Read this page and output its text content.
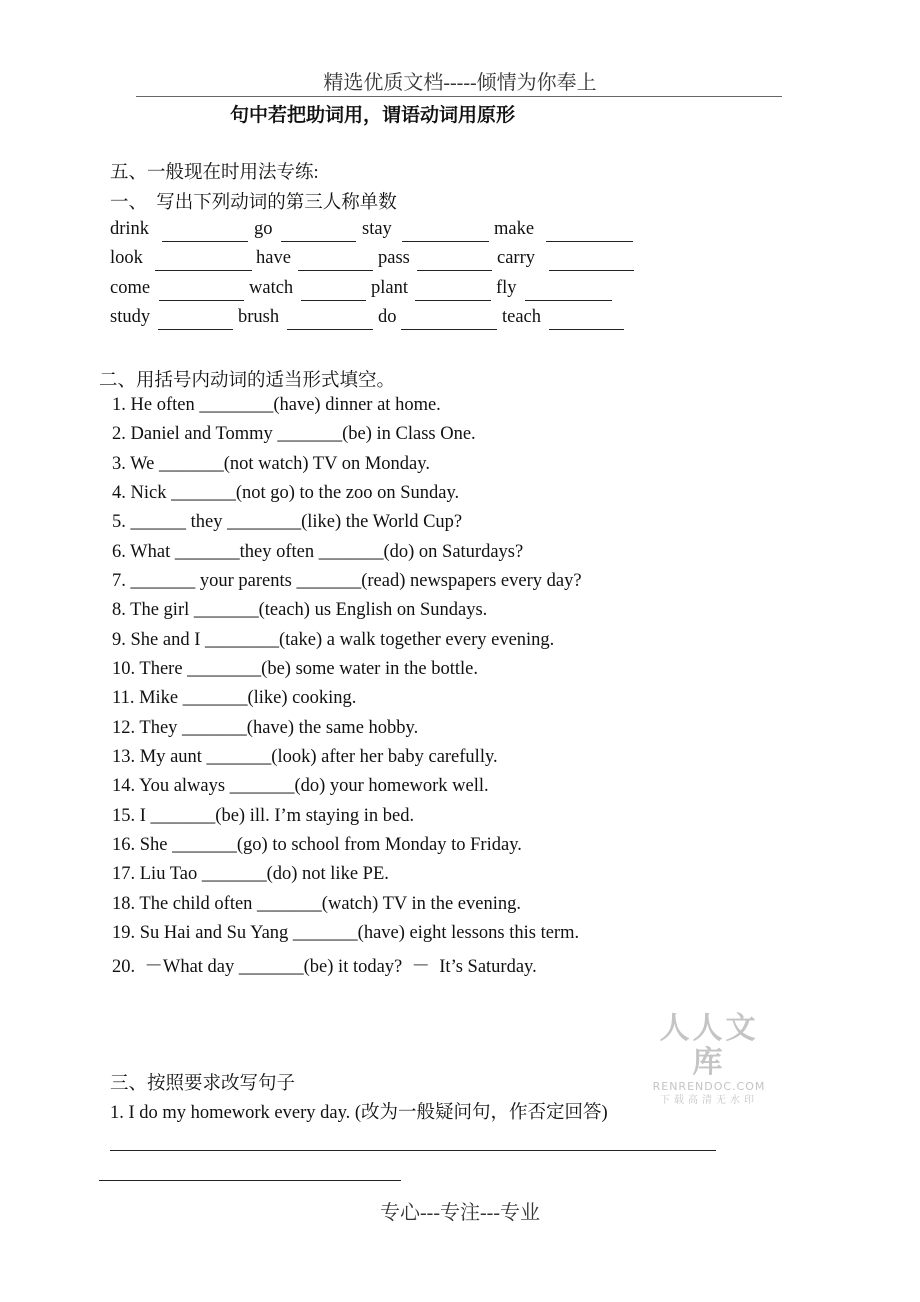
精选优质文档-----倾情为你奉上
句中若把助词用，谓语动词用原形
五、一般现在时用法专练:
一、  写出下列动词的第三人称单数
drink	go	stay	make
look	have	pass	carry
come	watch	plant	fly
study	brush	do	teach
二、用括号内动词的适当形式填空。
1. He often ________(have) dinner at home.
2. Daniel and Tommy _______(be) in Class One.
3. We _______(not watch) TV on Monday.
4. Nick _______(not go) to the zoo on Sunday.
5. ______ they ________(like) the World Cup?
6. What _______they often _______(do) on Saturdays?
7. _______ your parents _______(read) newspapers every day?
8. The girl _______(teach) us English on Sundays.
9. She and I ________(take) a walk together every evening.
10. There ________(be) some water in the bottle.
11. Mike _______(like) cooking.
12. They _______(have) the same hobby.
13. My aunt _______(look) after her baby carefully.
14. You always _______(do) your homework well.
15. I _______(be) ill. I’m staying in bed.
16. She _______(go) to school from Monday to Friday.
17. Liu Tao _______(do) not like PE.
18. The child often _______(watch) TV in the evening.
19. Su Hai and Su Yang _______(have) eight lessons this term.
20.  －What day _______(be) it today?  －  It’s Saturday.
人人文库
RENRENDOC.COM
下载高清无水印
三、按照要求改写句子
1. I do my homework every day. (改为一般疑问句，作否定回答)
专心---专注---专业
